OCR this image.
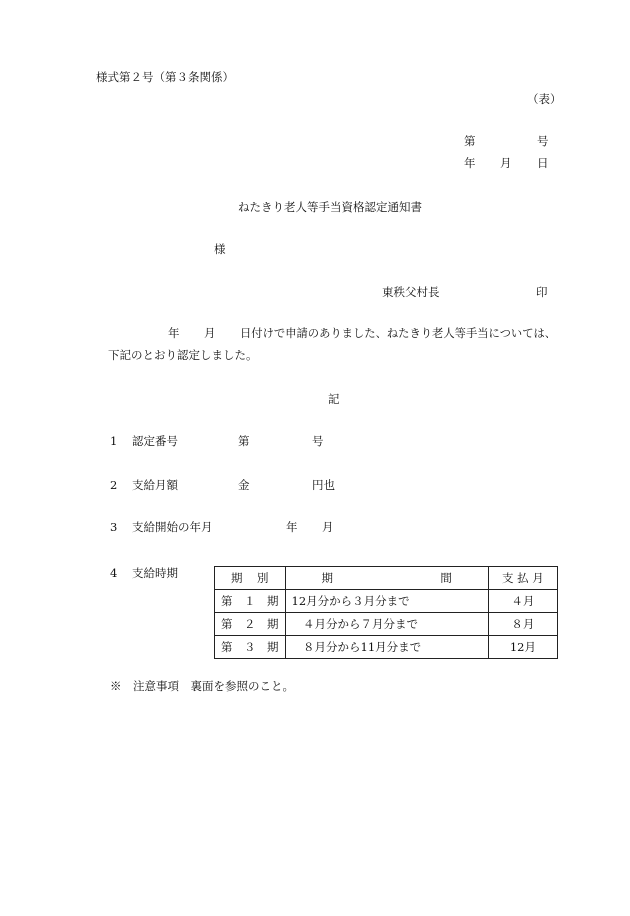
様式第２号（第３条関係）
（表）
第	号
年 月 日
ねたきり老人等手当資格認定通知書
様
東秩父村長	印
年 月 日付けで申請のありました、ねたきり老人等手当については、
下記のとおり認定しました。
記
1 認定番号	第	号
2 支給月額	金	円也
3 支給開始の年月	年 月
4 支給時期	期 別	期 間	支 払 月
第　１　期	12月分から３月分まで	４月
第　２　期	　４月分から７月分まで	８月
第　３　期	　８月分から11月分まで	12月
※　注意事項　裏面を参照のこと。
